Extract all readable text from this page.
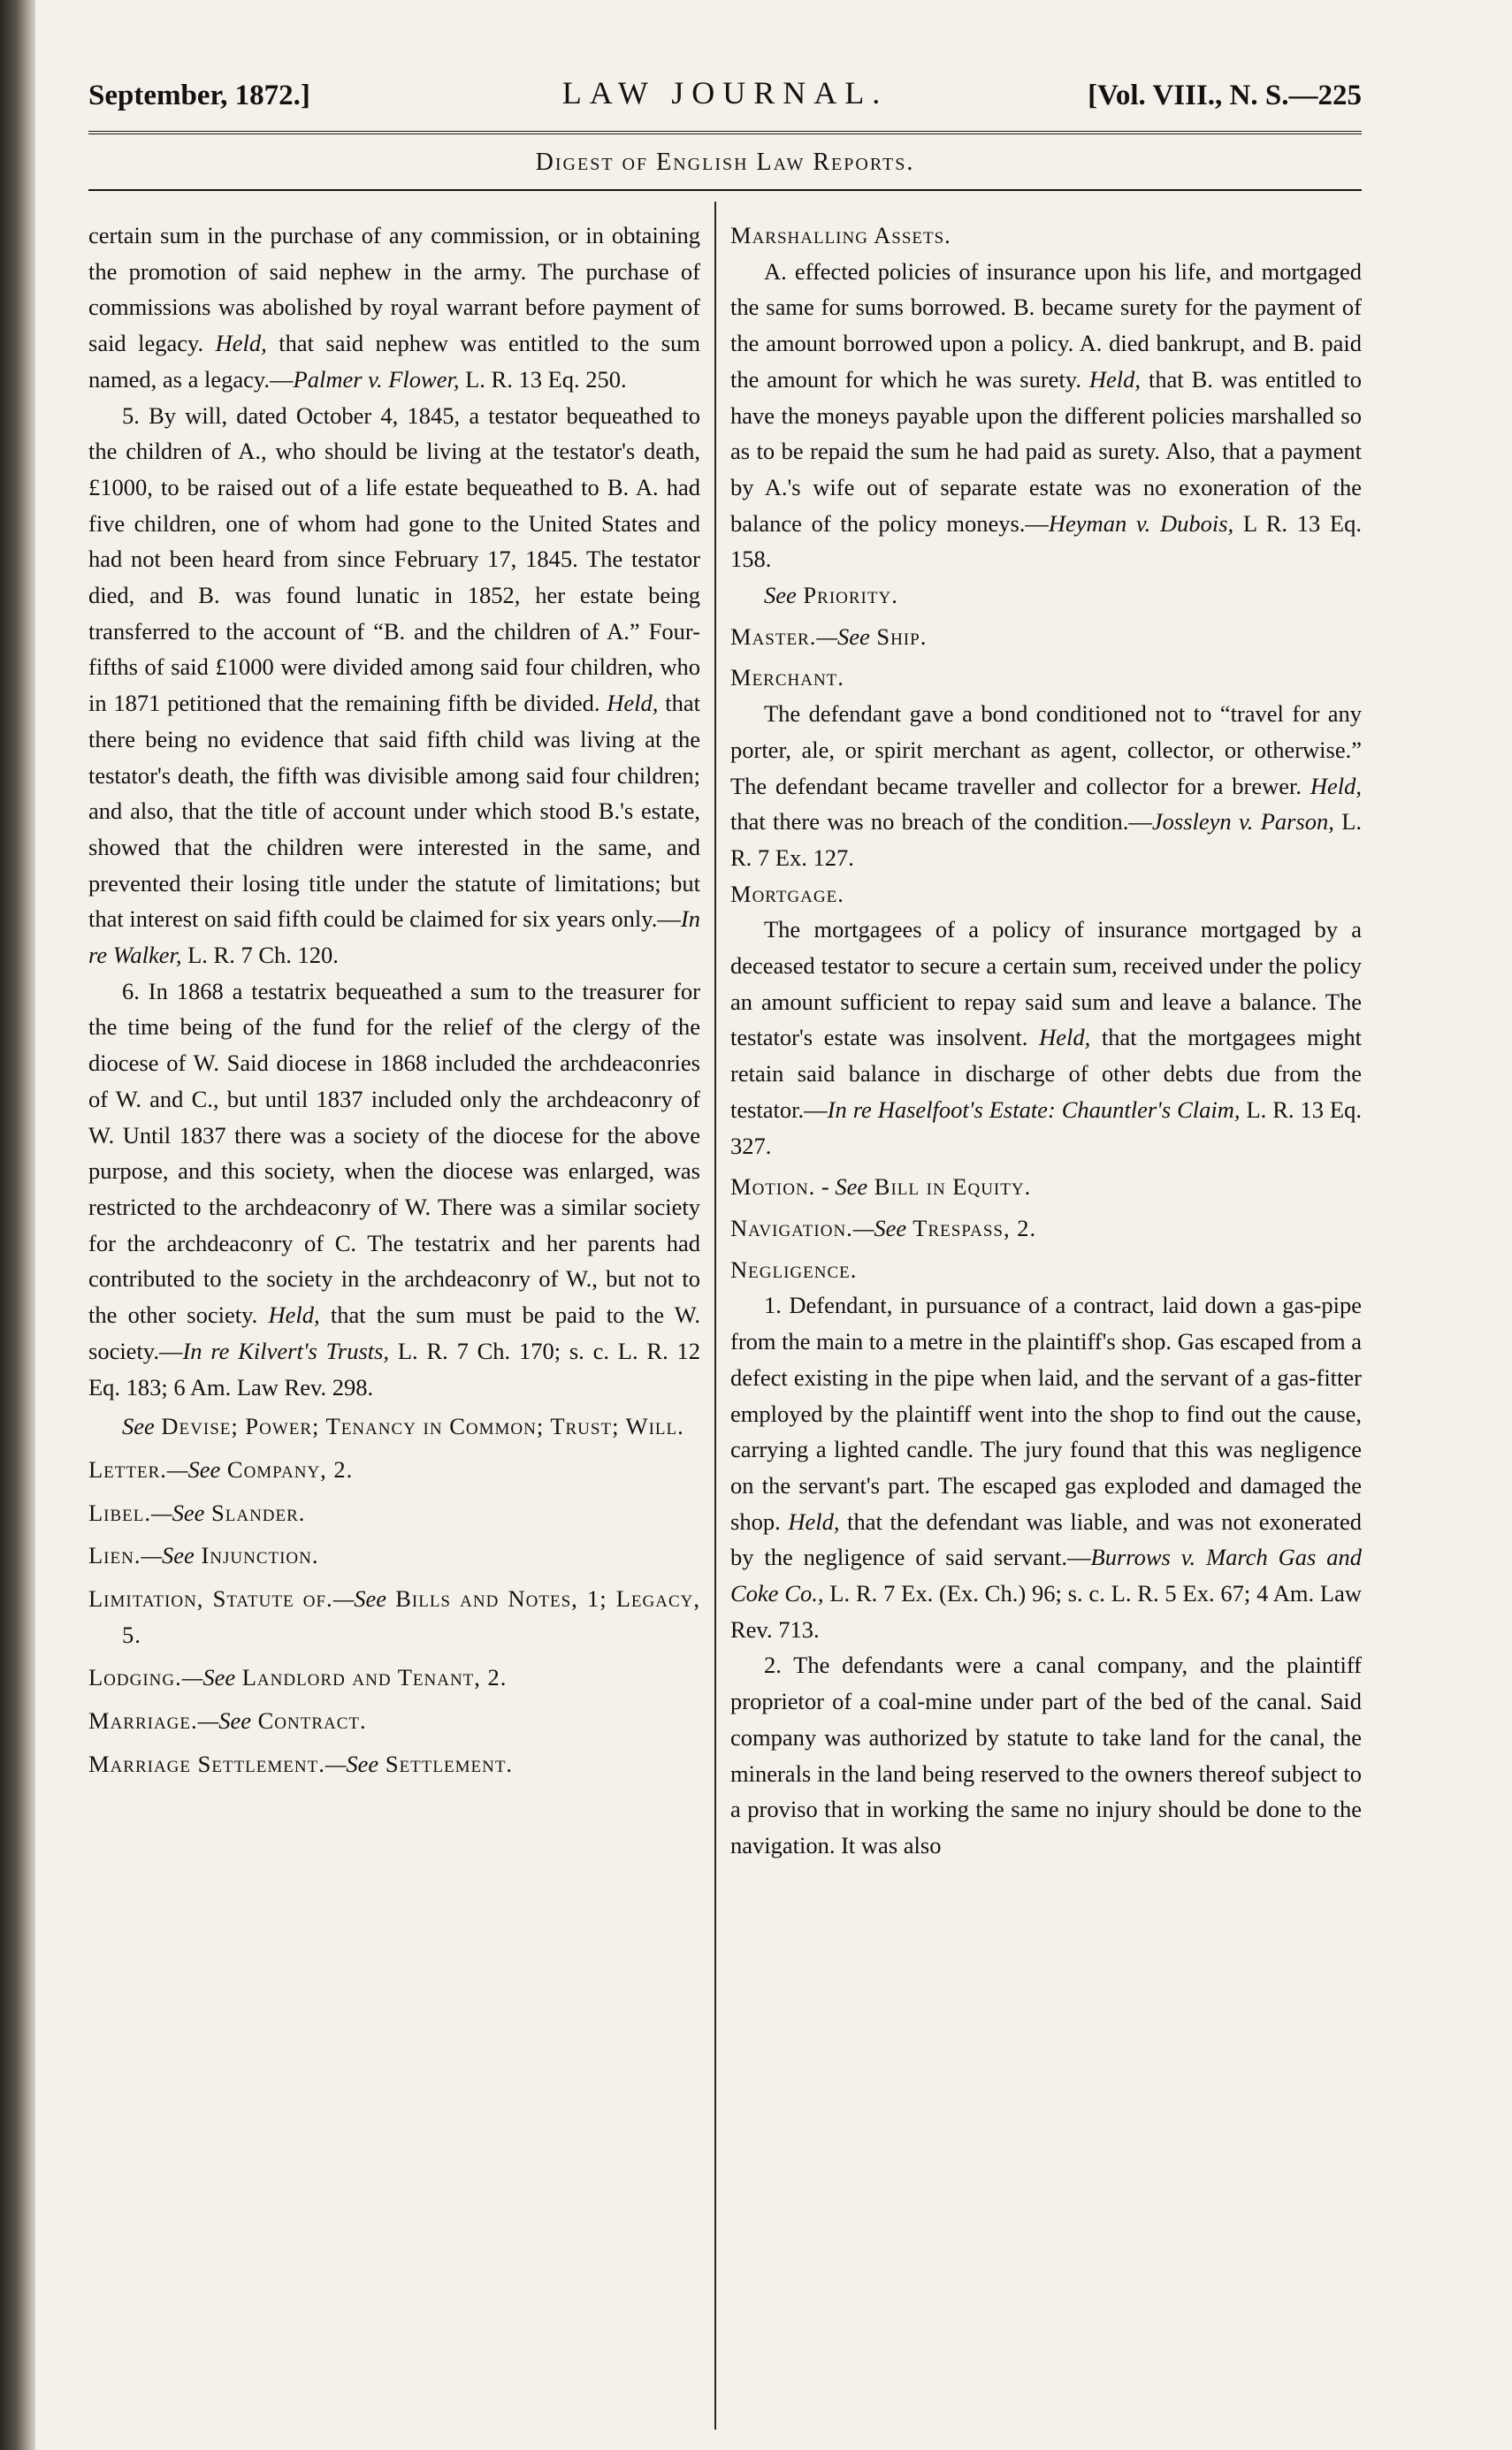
September, 1872.]	LAW JOURNAL.	[Vol. VIII., N. S.—225
Digest of English Law Reports.

certain sum in the purchase of any commission, or in obtaining the promotion of said nephew in the army. The purchase of commissions was abolished by royal warrant before payment of said legacy. Held, that said nephew was entitled to the sum named, as a legacy.—Palmer v. Flower, L. R. 13 Eq. 250.

5. By will, dated October 4, 1845, a testator bequeathed to the children of A., who should be living at the testator's death, £1000, to be raised out of a life estate bequeathed to B. A. had five children, one of whom had gone to the United States and had not been heard from since February 17, 1845. The testator died, and B. was found lunatic in 1852, her estate being transferred to the account of “B. and the children of A.” Four-fifths of said £1000 were divided among said four children, who in 1871 petitioned that the remaining fifth be divided. Held, that there being no evidence that said fifth child was living at the testator's death, the fifth was divisible among said four children; and also, that the title of account under which stood B.'s estate, showed that the children were interested in the same, and prevented their losing title under the statute of limitations; but that interest on said fifth could be claimed for six years only.—In re Walker, L. R. 7 Ch. 120.

6. In 1868 a testatrix bequeathed a sum to the treasurer for the time being of the fund for the relief of the clergy of the diocese of W. Said diocese in 1868 included the archdeaconries of W. and C., but until 1837 included only the archdeaconry of W. Until 1837 there was a society of the diocese for the above purpose, and this society, when the diocese was enlarged, was restricted to the archdeaconry of W. There was a similar society for the archdeaconry of C. The testatrix and her parents had contributed to the society in the archdeaconry of W., but not to the other society. Held, that the sum must be paid to the W. society.—In re Kilvert's Trusts, L. R. 7 Ch. 170; s. c. L. R. 12 Eq. 183; 6 Am. Law Rev. 298.

See Devise; Power; Tenancy in Common; Trust; Will.

Letter.—See Company, 2.

Libel.—See Slander.

Lien.—See Injunction.

Limitation, Statute of.—See Bills and Notes, 1; Legacy, 5.

Lodging.—See Landlord and Tenant, 2.

Marriage.—See Contract.

Marriage Settlement.—See Settlement.

Marshalling Assets.

A. effected policies of insurance upon his life, and mortgaged the same for sums borrowed. B. became surety for the payment of the amount borrowed upon a policy. A. died bankrupt, and B. paid the amount for which he was surety. Held, that B. was entitled to have the moneys payable upon the different policies marshalled so as to be repaid the sum he had paid as surety. Also, that a payment by A.'s wife out of separate estate was no exoneration of the balance of the policy moneys.—Heyman v. Dubois, L R. 13 Eq. 158.

See Priority.

Master.—See Ship.

Merchant.

The defendant gave a bond conditioned not to “travel for any porter, ale, or spirit merchant as agent, collector, or otherwise.” The defendant became traveller and collector for a brewer. Held, that there was no breach of the condition.—Jossleyn v. Parson, L. R. 7 Ex. 127.

Mortgage.

The mortgagees of a policy of insurance mortgaged by a deceased testator to secure a certain sum, received under the policy an amount sufficient to repay said sum and leave a balance. The testator's estate was insolvent. Held, that the mortgagees might retain said balance in discharge of other debts due from the testator.—In re Haselfoot's Estate: Chauntler's Claim, L. R. 13 Eq. 327.

Motion. - See Bill in Equity.

Navigation.—See Trespass, 2.

Negligence.

1. Defendant, in pursuance of a contract, laid down a gas-pipe from the main to a metre in the plaintiff's shop. Gas escaped from a defect existing in the pipe when laid, and the servant of a gas-fitter employed by the plaintiff went into the shop to find out the cause, carrying a lighted candle. The jury found that this was negligence on the servant's part. The escaped gas exploded and damaged the shop. Held, that the defendant was liable, and was not exonerated by the negligence of said servant.—Burrows v. March Gas and Coke Co., L. R. 7 Ex. (Ex. Ch.) 96; s. c. L. R. 5 Ex. 67; 4 Am. Law Rev. 713.

2. The defendants were a canal company, and the plaintiff proprietor of a coal-mine under part of the bed of the canal. Said company was authorized by statute to take land for the canal, the minerals in the land being reserved to the owners thereof subject to a proviso that in working the same no injury should be done to the navigation. It was also
